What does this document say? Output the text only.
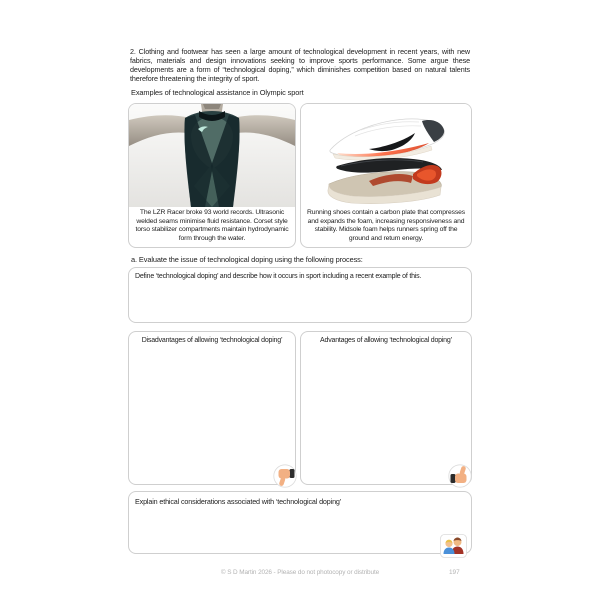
2. Clothing and footwear has seen a large amount of technological development in recent years, with new fabrics, materials and design innovations seeking to improve sports performance. Some argue these developments are a form of “technological doping,” which diminishes competition based on natural talents therefore threatening the integrity of sport.

Examples of technological assistance in Olympic sport
The LZR Racer broke 93 world records. Ultrasonic welded seams minimise fluid resistance. Corset style torso stabilizer compartments maintain hydrodynamic form through the water.
Running shoes contain a carbon plate that compresses and expands the foam, increasing responsiveness and stability. Midsole foam helps runners spring off the ground and return energy.
a. Evaluate the issue of technological doping using the following process:
Define ‘technological doping’ and describe how it occurs in sport including a recent example of this.
Disadvantages of allowing ‘technological doping’	Advantages of allowing ‘technological doping’
Explain ethical considerations associated with ‘technological doping’
© S D Martin 2026 - Please do not photocopy or distribute	197
